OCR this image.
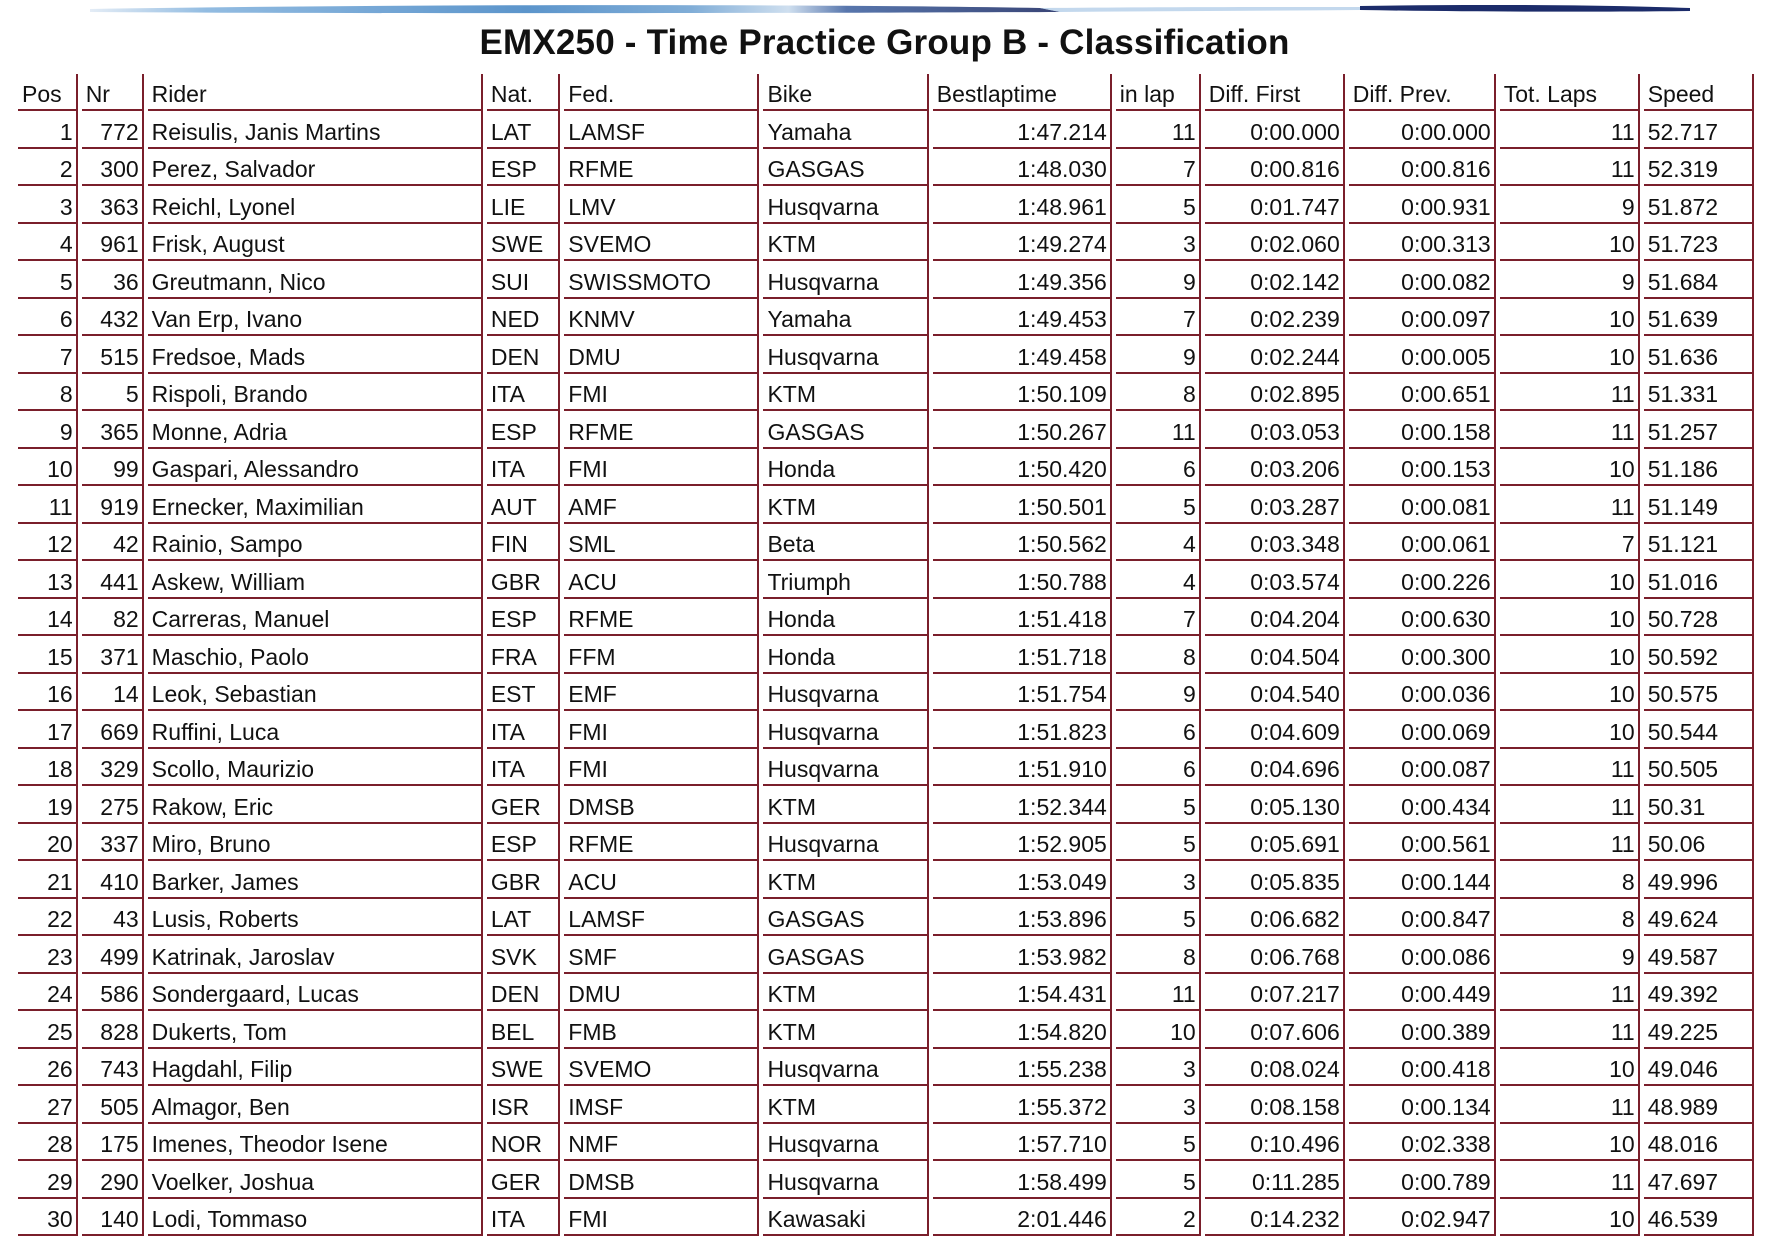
EMX250 - Time Practice Group B - Classification
Pos	Nr	Rider	Nat.	Fed.	Bike	Bestlaptime	in lap	Diff. First	Diff. Prev.	Tot. Laps	Speed
1	772	Reisulis, Janis Martins	LAT	LAMSF	Yamaha	1:47.214	11	0:00.000	0:00.000	11	52.717
2	300	Perez, Salvador	ESP	RFME	GASGAS	1:48.030	7	0:00.816	0:00.816	11	52.319
3	363	Reichl, Lyonel	LIE	LMV	Husqvarna	1:48.961	5	0:01.747	0:00.931	9	51.872
4	961	Frisk, August	SWE	SVEMO	KTM	1:49.274	3	0:02.060	0:00.313	10	51.723
5	36	Greutmann, Nico	SUI	SWISSMOTO	Husqvarna	1:49.356	9	0:02.142	0:00.082	9	51.684
6	432	Van Erp, Ivano	NED	KNMV	Yamaha	1:49.453	7	0:02.239	0:00.097	10	51.639
7	515	Fredsoe, Mads	DEN	DMU	Husqvarna	1:49.458	9	0:02.244	0:00.005	10	51.636
8	5	Rispoli, Brando	ITA	FMI	KTM	1:50.109	8	0:02.895	0:00.651	11	51.331
9	365	Monne, Adria	ESP	RFME	GASGAS	1:50.267	11	0:03.053	0:00.158	11	51.257
10	99	Gaspari, Alessandro	ITA	FMI	Honda	1:50.420	6	0:03.206	0:00.153	10	51.186
11	919	Ernecker, Maximilian	AUT	AMF	KTM	1:50.501	5	0:03.287	0:00.081	11	51.149
12	42	Rainio, Sampo	FIN	SML	Beta	1:50.562	4	0:03.348	0:00.061	7	51.121
13	441	Askew, William	GBR	ACU	Triumph	1:50.788	4	0:03.574	0:00.226	10	51.016
14	82	Carreras, Manuel	ESP	RFME	Honda	1:51.418	7	0:04.204	0:00.630	10	50.728
15	371	Maschio, Paolo	FRA	FFM	Honda	1:51.718	8	0:04.504	0:00.300	10	50.592
16	14	Leok, Sebastian	EST	EMF	Husqvarna	1:51.754	9	0:04.540	0:00.036	10	50.575
17	669	Ruffini, Luca	ITA	FMI	Husqvarna	1:51.823	6	0:04.609	0:00.069	10	50.544
18	329	Scollo, Maurizio	ITA	FMI	Husqvarna	1:51.910	6	0:04.696	0:00.087	11	50.505
19	275	Rakow, Eric	GER	DMSB	KTM	1:52.344	5	0:05.130	0:00.434	11	50.31
20	337	Miro, Bruno	ESP	RFME	Husqvarna	1:52.905	5	0:05.691	0:00.561	11	50.06
21	410	Barker, James	GBR	ACU	KTM	1:53.049	3	0:05.835	0:00.144	8	49.996
22	43	Lusis, Roberts	LAT	LAMSF	GASGAS	1:53.896	5	0:06.682	0:00.847	8	49.624
23	499	Katrinak, Jaroslav	SVK	SMF	GASGAS	1:53.982	8	0:06.768	0:00.086	9	49.587
24	586	Sondergaard, Lucas	DEN	DMU	KTM	1:54.431	11	0:07.217	0:00.449	11	49.392
25	828	Dukerts, Tom	BEL	FMB	KTM	1:54.820	10	0:07.606	0:00.389	11	49.225
26	743	Hagdahl, Filip	SWE	SVEMO	Husqvarna	1:55.238	3	0:08.024	0:00.418	10	49.046
27	505	Almagor, Ben	ISR	IMSF	KTM	1:55.372	3	0:08.158	0:00.134	11	48.989
28	175	Imenes, Theodor Isene	NOR	NMF	Husqvarna	1:57.710	5	0:10.496	0:02.338	10	48.016
29	290	Voelker, Joshua	GER	DMSB	Husqvarna	1:58.499	5	0:11.285	0:00.789	11	47.697
30	140	Lodi, Tommaso	ITA	FMI	Kawasaki	2:01.446	2	0:14.232	0:02.947	10	46.539
